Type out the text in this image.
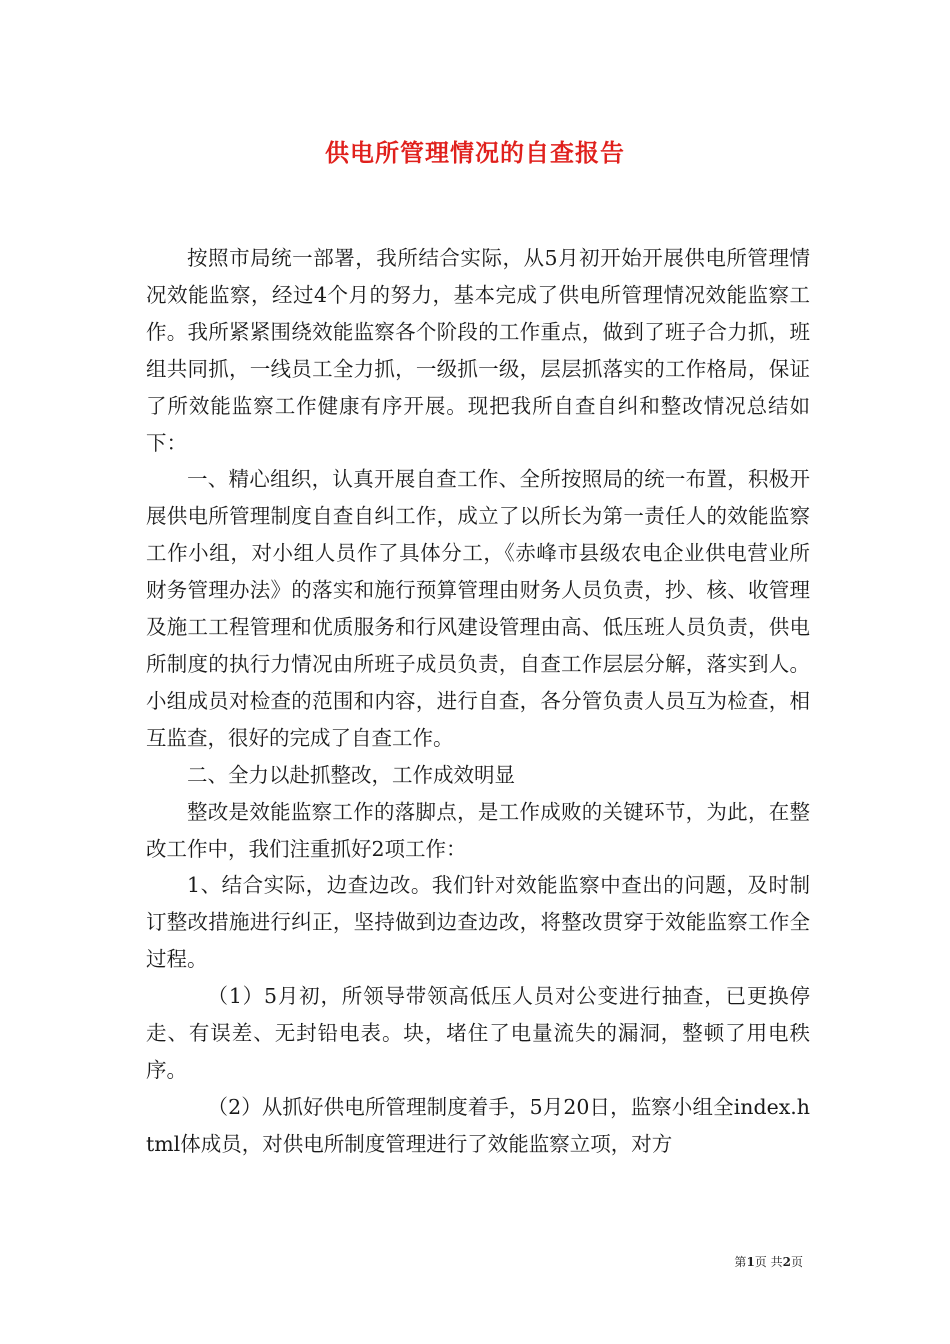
供电所管理情况的自查报告

按照市局统一部署，我所结合实际，从5月初开始开展供电所管理情况效能监察，经过4个月的努力，基本完成了供电所管理情况效能监察工作。我所紧紧围绕效能监察各个阶段的工作重点，做到了班子合力抓，班组共同抓，一线员工全力抓，一级抓一级，层层抓落实的工作格局，保证了所效能监察工作健康有序开展。现把我所自查自纠和整改情况总结如下：

一、精心组织，认真开展自查工作、全所按照局的统一布置，积极开展供电所管理制度自查自纠工作，成立了以所长为第一责任人的效能监察工作小组，对小组人员作了具体分工，《赤峰市县级农电企业供电营业所财务管理办法》的落实和施行预算管理由财务人员负责，抄、核、收管理及施工工程管理和优质服务和行风建设管理由高、低压班人员负责，供电所制度的执行力情况由所班子成员负责，自查工作层层分解，落实到人。小组成员对检查的范围和内容，进行自查，各分管负责人员互为检查，相互监查，很好的完成了自查工作。

二、全力以赴抓整改，工作成效明显

整改是效能监察工作的落脚点，是工作成败的关键环节，为此，在整改工作中，我们注重抓好2项工作：

1、结合实际，边查边改。我们针对效能监察中查出的问题，及时制订整改措施进行纠正，坚持做到边查边改，将整改贯穿于效能监察工作全过程。

（1）5月初，所领导带领高低压人员对公变进行抽查，已更换停走、有误差、无封铅电表。块，堵住了电量流失的漏洞，整顿了用电秩序。

（2）从抓好供电所管理制度着手，5月20日，监察小组全index.html体成员，对供电所制度管理进行了效能监察立项，对方

第1页 共2页
